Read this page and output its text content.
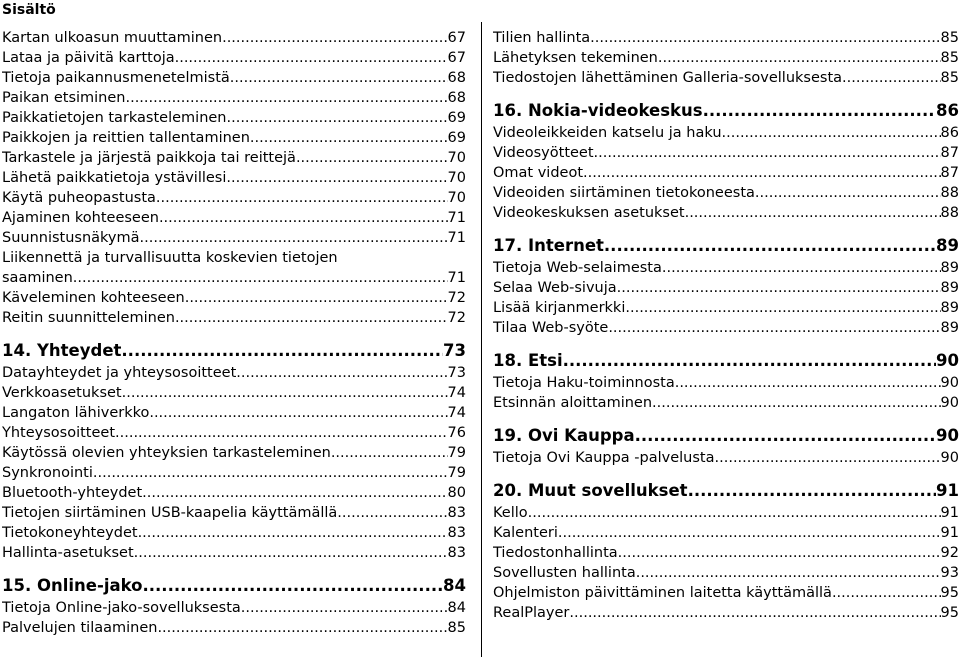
Sisältö
Kartan ulkoasun muuttaminen .....	67
Lataa ja päivitä karttoja .....	67
Tietoja paikannusmenetelmistä .....	68
Paikan etsiminen .....	68
Paikkatietojen tarkasteleminen .....	69
Paikkojen ja reittien tallentaminen .....	69
Tarkastele ja järjestä paikkoja tai reittejä .....	70
Lähetä paikkatietoja ystävillesi .....	70
Käytä puheopastusta .....	70
Ajaminen kohteeseen .....	71
Suunnistusnäkymä .....	71
Liikennettä ja turvallisuutta koskevien tietojen
saaminen .....	71
Käveleminen kohteeseen .....	72
Reitin suunnitteleminen .....	72
14. Yhteydet .....	73
Datayhteydet ja yhteysosoitteet .....	73
Verkkoasetukset .....	74
Langaton lähiverkko .....	74
Yhteysosoitteet .....	76
Käytössä olevien yhteyksien tarkasteleminen .....	79
Synkronointi .....	79
Bluetooth-yhteydet .....	80
Tietojen siirtäminen USB-kaapelia käyttämällä .....	83
Tietokoneyhteydet .....	83
Hallinta-asetukset .....	83
15. Online-jako .....	84
Tietoja Online-jako-sovelluksesta .....	84
Palvelujen tilaaminen .....	85
Tilien hallinta .....	85
Lähetyksen tekeminen .....	85
Tiedostojen lähettäminen Galleria-sovelluksesta .....	85
16. Nokia-videokeskus .....	86
Videoleikkeiden katselu ja haku .....	86
Videosyötteet .....	87
Omat videot .....	87
Videoiden siirtäminen tietokoneesta .....	88
Videokeskuksen asetukset .....	88
17. Internet .....	89
Tietoja Web-selaimesta .....	89
Selaa Web-sivuja .....	89
Lisää kirjanmerkki .....	89
Tilaa Web-syöte .....	89
18. Etsi .....	90
Tietoja Haku-toiminnosta .....	90
Etsinnän aloittaminen .....	90
19. Ovi Kauppa .....	90
Tietoja Ovi Kauppa -palvelusta .....	90
20. Muut sovellukset .....	91
Kello .....	91
Kalenteri .....	91
Tiedostonhallinta .....	92
Sovellusten hallinta .....	93
Ohjelmiston päivittäminen laitetta käyttämällä .....	95
RealPlayer .....	95
